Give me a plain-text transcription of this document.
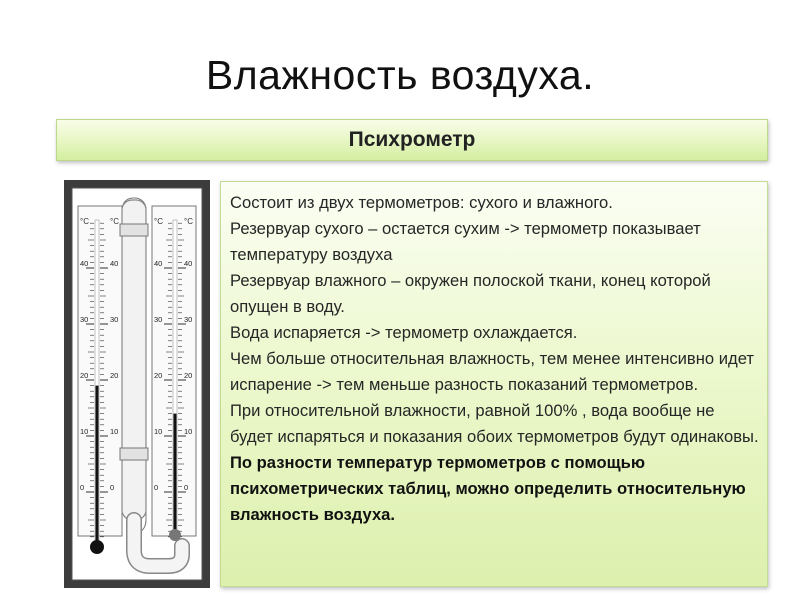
Влажность воздуха.
Психрометр
°C	°C	°C	°C
40	40
30	30
20	20
10	10
0	0
40	40
30	30
20	20
10	10
0	0

Состоит из двух термометров: сухого и влажного.

Резервуар сухого – остается сухим -> термометр показывает температуру воздуха

Резервуар влажного – окружен полоской ткани, конец которой опущен в воду.

Вода испаряется -> термометр охлаждается.

Чем больше относительная влажность, тем менее интенсивно идет испарение -> тем меньше разность показаний термометров.

При относительной влажности, равной 100% , вода вообще не будет испаряться и показания обоих термометров будут одинаковы.

По разности температур термометров с помощью психометрических таблиц, можно определить относительную влажность воздуха.
